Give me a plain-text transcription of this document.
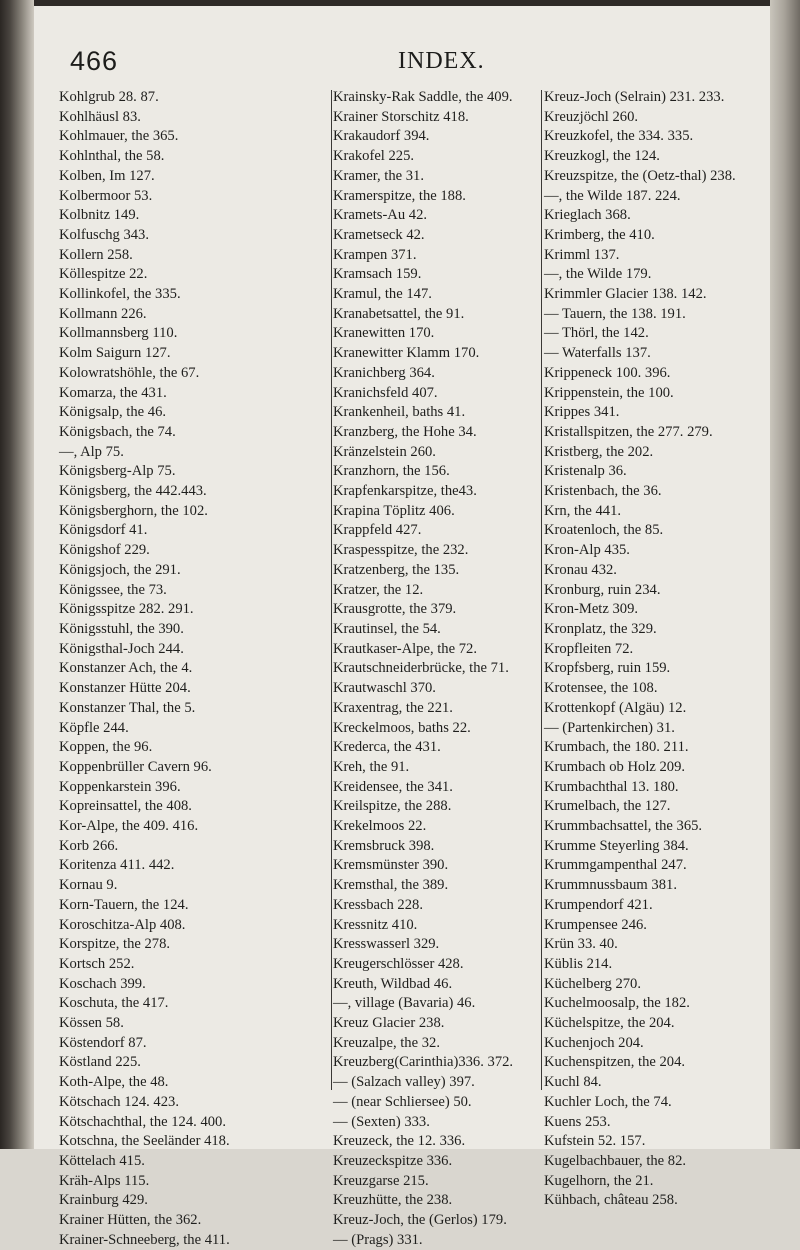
466	INDEX.

Kohlgrub 28. 87.

Kohlhäusl 83.

Kohlmauer, the 365.

Kohlnthal, the 58.

Kolben, Im 127.

Kolbermoor 53.

Kolbnitz 149.

Kolfuschg 343.

Kollern 258.

Köllespitze 22.

Kollinkofel, the 335.

Kollmann 226.

Kollmannsberg 110.

Kolm Saigurn 127.

Kolowratshöhle, the 67.

Komarza, the 431.

Königsalp, the 46.

Königsbach, the 74.

—, Alp 75.

Königsberg-Alp 75.

Königsberg, the 442.443.

Königsberghorn, the 102.

Königsdorf 41.

Königshof 229.

Königsjoch, the 291.

Königssee, the 73.

Königsspitze 282. 291.

Königsstuhl, the 390.

Königsthal-Joch 244.

Konstanzer Ach, the 4.

Konstanzer Hütte 204.

Konstanzer Thal, the 5.

Köpfle 244.

Koppen, the 96.

Koppenbrüller Cavern 96.

Koppenkarstein 396.

Kopreinsattel, the 408.

Kor-Alpe, the 409. 416.

Korb 266.

Koritenza 411. 442.

Kornau 9.

Korn-Tauern, the 124.

Koroschitza-Alp 408.

Korspitze, the 278.

Kortsch 252.

Koschach 399.

Koschuta, the 417.

Kössen 58.

Köstendorf 87.

Köstland 225.

Koth-Alpe, the 48.

Kötschach 124. 423.

Kötschachthal, the 124. 400.

Kotschna, the Seeländer 418.

Köttelach 415.

Kräh-Alps 115.

Krainburg 429.

Krainer Hütten, the 362.

Krainer-Schneeberg, the 411.

Krainsky-Rak Saddle, the 409.

Krainer Storschitz 418.

Krakaudorf 394.

Krakofel 225.

Kramer, the 31.

Kramerspitze, the 188.

Kramets-Au 42.

Krametseck 42.

Krampen 371.

Kramsach 159.

Kramul, the 147.

Kranabetsattel, the 91.

Kranewitten 170.

Kranewitter Klamm 170.

Kranichberg 364.

Kranichsfeld 407.

Krankenheil, baths 41.

Kranzberg, the Hohe 34.

Kränzelstein 260.

Kranzhorn, the 156.

Krapfenkarspitze, the43.

Krapina Töplitz 406.

Krappfeld 427.

Kraspesspitze, the 232.

Kratzenberg, the 135.

Kratzer, the 12.

Krausgrotte, the 379.

Krautinsel, the 54.

Krautkaser-Alpe, the 72.

Krautschneiderbrücke, the 71.

Krautwaschl 370.

Kraxentrag, the 221.

Kreckelmoos, baths 22.

Krederca, the 431.

Kreh, the 91.

Kreidensee, the 341.

Kreilspitze, the 288.

Krekelmoos 22.

Kremsbruck 398.

Kremsmünster 390.

Kremsthal, the 389.

Kressbach 228.

Kressnitz 410.

Kresswasserl 329.

Kreugerschlösser 428.

Kreuth, Wildbad 46.

—, village (Bavaria) 46.

Kreuz Glacier 238.

Kreuzalpe, the 32.

Kreuzberg(Carinthia)336. 372.

— (Salzach valley) 397.

— (near Schliersee) 50.

— (Sexten) 333.

Kreuzeck, the 12. 336.

Kreuzeckspitze 336.

Kreuzgarse 215.

Kreuzhütte, the 238.

Kreuz-Joch, the (Gerlos) 179.

— (Prags) 331.

Kreuz-Joch (Selrain) 231. 233.

Kreuzjöchl 260.

Kreuzkofel, the 334. 335.

Kreuzkogl, the 124.

Kreuzspitze, the (Oetz-thal) 238.

—, the Wilde 187. 224.

Krieglach 368.

Krimberg, the 410.

Krimml 137.

—, the Wilde 179.

Krimmler Glacier 138. 142.

— Tauern, the 138. 191.

— Thörl, the 142.

— Waterfalls 137.

Krippeneck 100. 396.

Krippenstein, the 100.

Krippes 341.

Kristallspitzen, the 277. 279.

Kristberg, the 202.

Kristenalp 36.

Kristenbach, the 36.

Krn, the 441.

Kroatenloch, the 85.

Kron-Alp 435.

Kronau 432.

Kronburg, ruin 234.

Kron-Metz 309.

Kronplatz, the 329.

Kropfleiten 72.

Kropfsberg, ruin 159.

Krotensee, the 108.

Krottenkopf (Algäu) 12.

— (Partenkirchen) 31.

Krumbach, the 180. 211.

Krumbach ob Holz 209.

Krumbachthal 13. 180.

Krumelbach, the 127.

Krummbachsattel, the 365.

Krumme Steyerling 384.

Krummgampenthal 247.

Krummnussbaum 381.

Krumpendorf 421.

Krumpensee 246.

Krün 33. 40.

Küblis 214.

Küchelberg 270.

Kuchelmoosalp, the 182.

Küchelspitze, the 204.

Kuchenjoch 204.

Kuchenspitzen, the 204.

Kuchl 84.

Kuchler Loch, the 74.

Kuens 253.

Kufstein 52. 157.

Kugelbachbauer, the 82.

Kugelhorn, the 21.

Kühbach, château 258.
